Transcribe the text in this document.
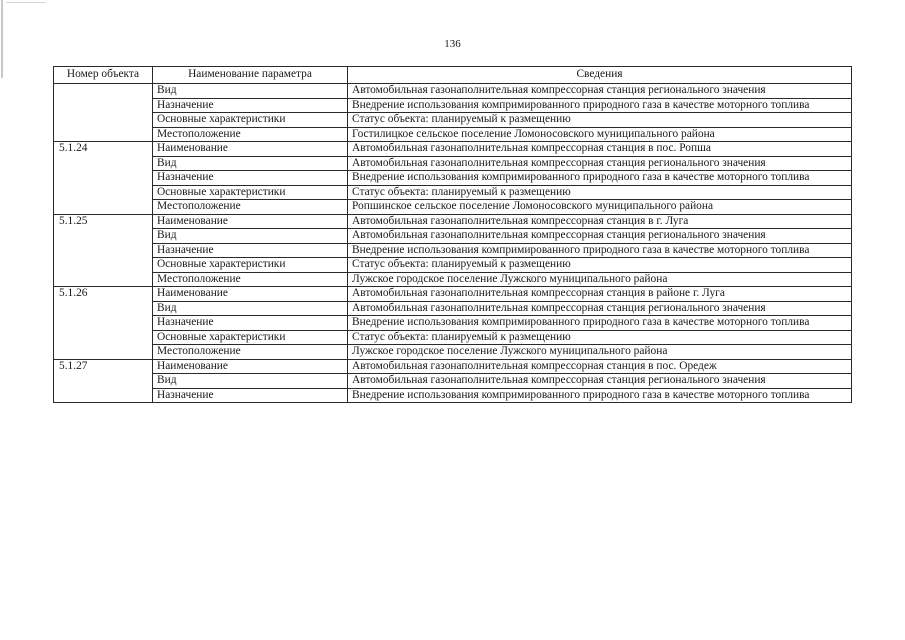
136
Номер объекта	Наименование параметра	Сведения
	Вид	Автомобильная газонаполнительная компрессорная станция регионального значения
	Назначение	Внедрение использования компримированного природного газа в качестве моторного топлива
	Основные характеристики	Статус объекта: планируемый к размещению
	Местоположение	Гостилицкое сельское поселение Ломоносовского муниципального района
5.1.24	Наименование	Автомобильная газонаполнительная компрессорная станция в пос. Ропша
	Вид	Автомобильная газонаполнительная компрессорная станция регионального значения
	Назначение	Внедрение использования компримированного природного газа в качестве моторного топлива
	Основные характеристики	Статус объекта: планируемый к размещению
	Местоположение	Ропшинское сельское поселение Ломоносовского муниципального района
5.1.25	Наименование	Автомобильная газонаполнительная компрессорная станция в г. Луга
	Вид	Автомобильная газонаполнительная компрессорная станция регионального значения
	Назначение	Внедрение использования компримированного природного газа в качестве моторного топлива
	Основные характеристики	Статус объекта: планируемый к размещению
	Местоположение	Лужское городское поселение Лужского муниципального района
5.1.26	Наименование	Автомобильная газонаполнительная компрессорная станция в районе г. Луга
	Вид	Автомобильная газонаполнительная компрессорная станция регионального значения
	Назначение	Внедрение использования компримированного природного газа в качестве моторного топлива
	Основные характеристики	Статус объекта: планируемый к размещению
	Местоположение	Лужское городское поселение Лужского муниципального района
5.1.27	Наименование	Автомобильная газонаполнительная компрессорная станция в пос. Оредеж
	Вид	Автомобильная газонаполнительная компрессорная станция регионального значения
	Назначение	Внедрение использования компримированного природного газа в качестве моторного топлива
